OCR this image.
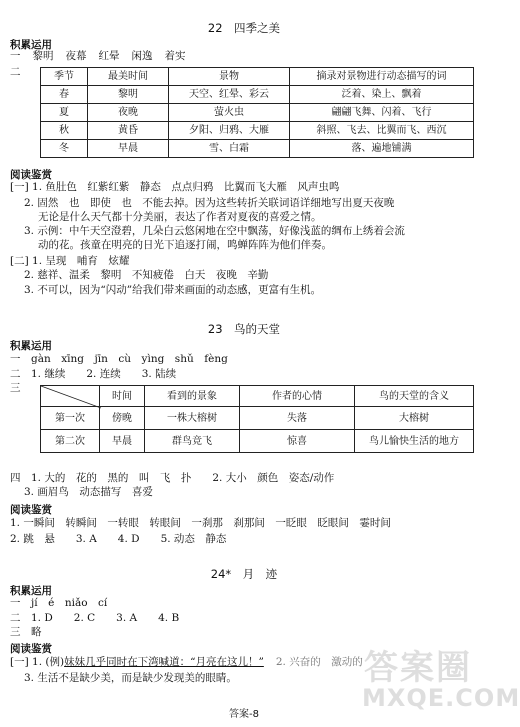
22　四季之美
积累运用
一 黎明 夜幕 红晕 闲逸 着实
二	季节	最美时间	景物	摘录对景物进行动态描写的词
春	黎明	天空、红晕、彩云	泛着、染上、飘着
夏	夜晚	萤火虫	翩翩飞舞、闪着、飞行
秋	黄昏	夕阳、归鸦、大雁	斜照、飞去、比翼而飞、西沉
冬	早晨	雪、白霜	落、遍地铺满
阅读鉴赏
[一] 1. 鱼肚色　红紫红紫　静态　点点归鸦　比翼而飞大雁　风声虫鸣
2. 固然　也　即使　也　不能去掉。因为这些转折关联词语详细地写出夏天夜晚
无论是什么天气都十分美丽，表达了作者对夏夜的喜爱之情。
3. 示例：中午天空澄碧，几朵白云悠闲地在空中飘荡，好像浅蓝的绸布上绣着会流
动的花。孩童在明亮的日光下追逐打闹，鸣蝉阵阵为他们伴奏。
[二] 1. 呈现　哺育　炫耀
2. 慈祥、温柔　黎明　不知疲倦　白天　夜晚　辛勤
3. 不可以，因为“闪动”给我们带来画面的动态感，更富有生机。
23　鸟的天堂
积累运用
一　gàn　xīng　jīn　cù　yìng　shǔ　fèng
二　1. 继续　　2. 连续　　3. 陆续
三
	时间	看到的景象	作者的心情	鸟的天堂的含义
第一次	傍晚	一株大榕树	失落	大榕树
第二次	早晨	群鸟竞飞	惊喜	鸟儿愉快生活的地方
四　1. 大的　花的　黑的　叫　飞　扑　　2. 大小　颜色　姿态/动作
3. 画眉鸟　动态描写　喜爱
阅读鉴赏
1. 一瞬间　转瞬间　一转眼　转眼间　一刹那　刹那间　一眨眼　眨眼间　霎时间
2. 跳　悬　　3. A　　4. D　　5. 动态　静态
24*　月　迹
积累运用
一　jí　é　niǎo　cí
二　1. D　　2. C　　3. A　　4. B
三　略
阅读鉴赏
[一] 1. (例)妹妹几乎同时在下湾喊道：“月亮在这儿！” 2. 兴奋的　激动的
3. 生活不是缺少美，而是缺少发现美的眼睛。
答案-8
答案圈
MXQE.COM
